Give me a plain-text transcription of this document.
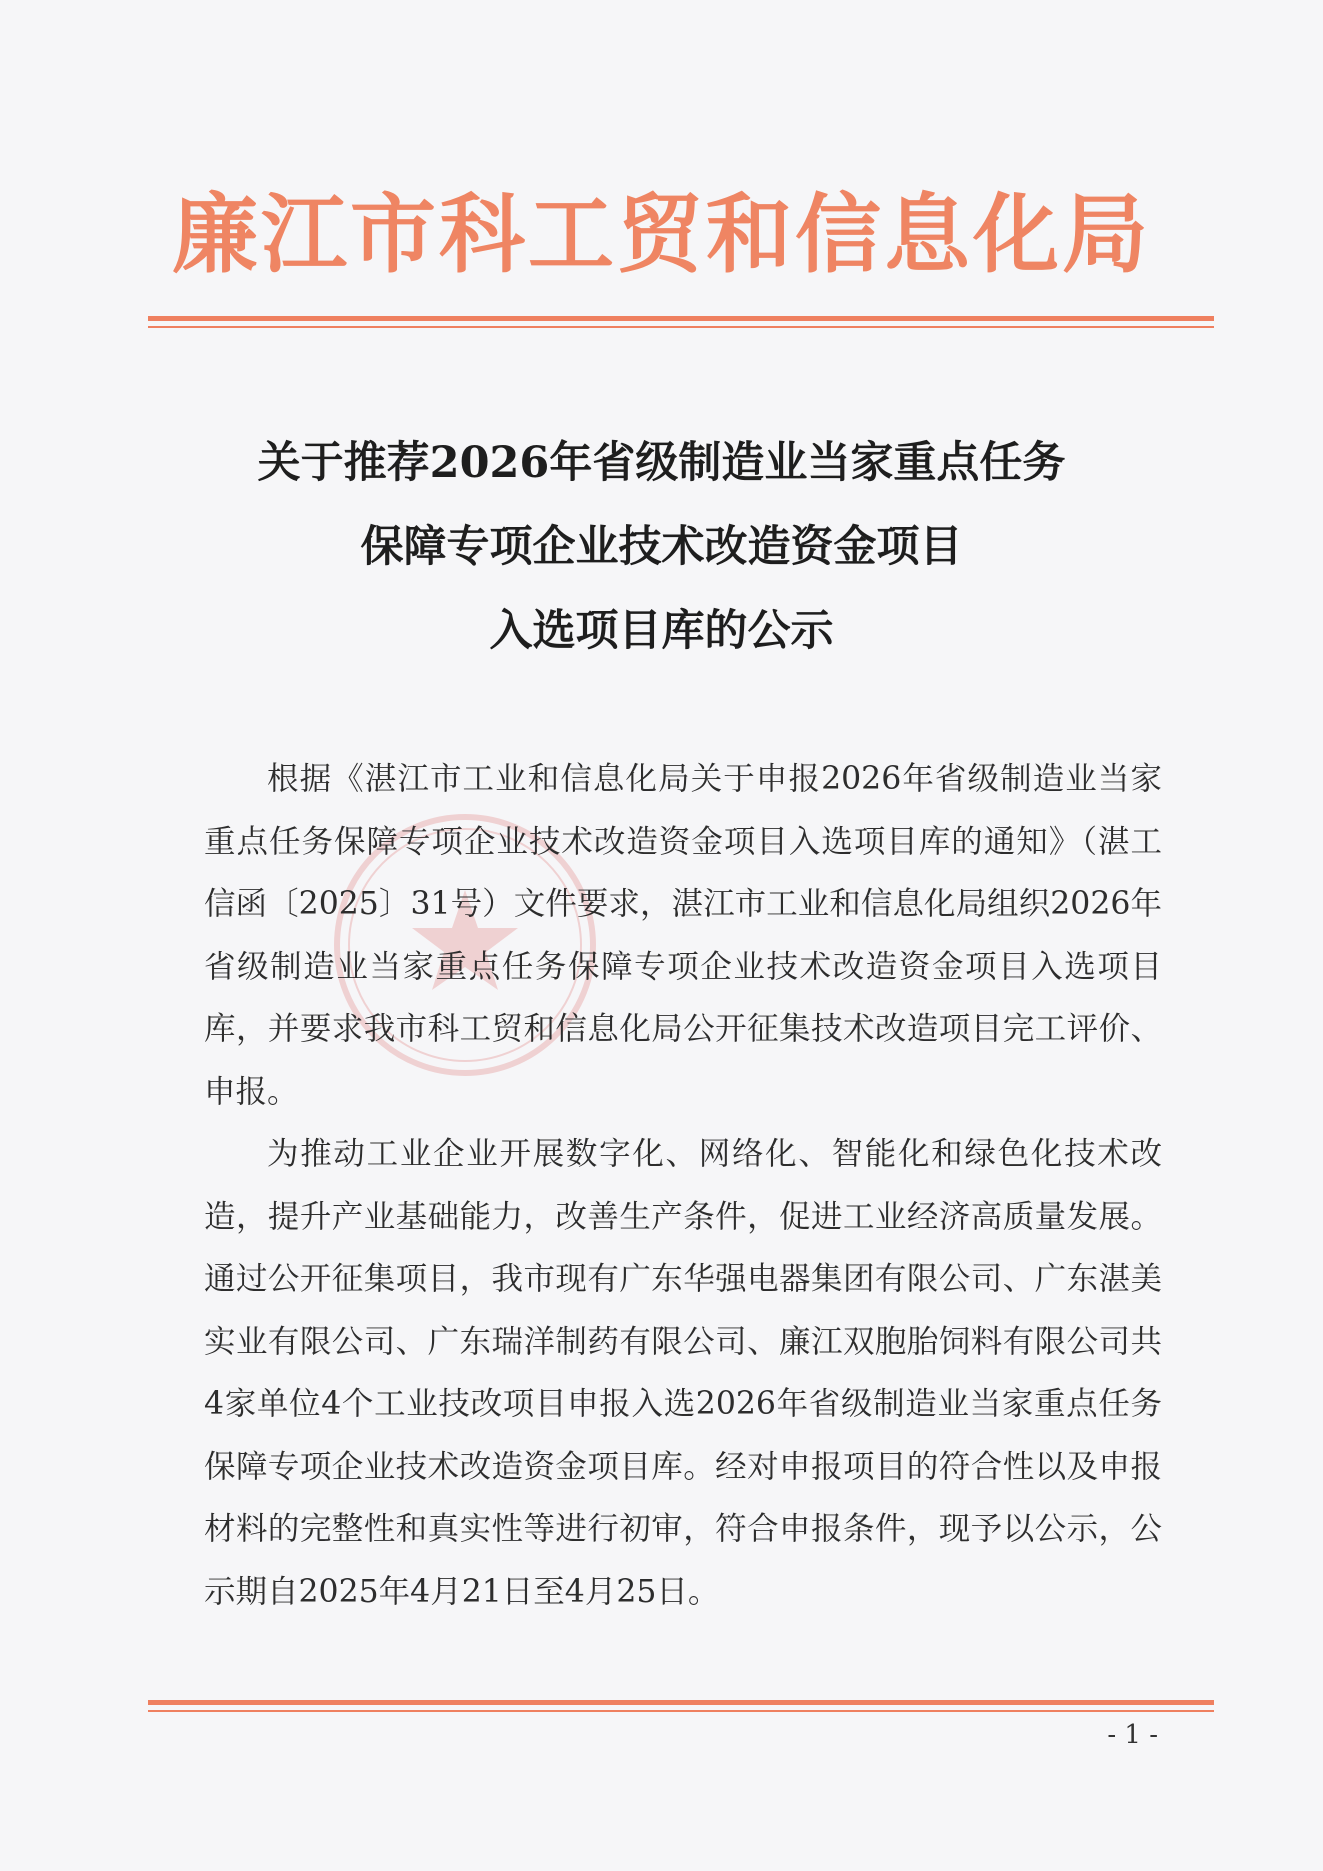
廉江市科工贸和信息化局
关于推荐2026年省级制造业当家重点任务
保障专项企业技术改造资金项目
入选项目库的公示

根据《湛江市工业和信息化局关于申报2026年省级制造业当家重点任务保障专项企业技术改造资金项目入选项目库的通知》（湛工信函〔2025〕31号）文件要求，湛江市工业和信息化局组织2026年省级制造业当家重点任务保障专项企业技术改造资金项目入选项目库，并要求我市科工贸和信息化局公开征集技术改造项目完工评价、申报。

为推动工业企业开展数字化、网络化、智能化和绿色化技术改造，提升产业基础能力，改善生产条件，促进工业经济高质量发展。通过公开征集项目，我市现有广东华强电器集团有限公司、广东湛美实业有限公司、广东瑞洋制药有限公司、廉江双胞胎饲料有限公司共4家单位4个工业技改项目申报入选2026年省级制造业当家重点任务保障专项企业技术改造资金项目库。经对申报项目的符合性以及申报材料的完整性和真实性等进行初审，符合申报条件，现予以公示，公示期自2025年4月21日至4月25日。

- 1 -
